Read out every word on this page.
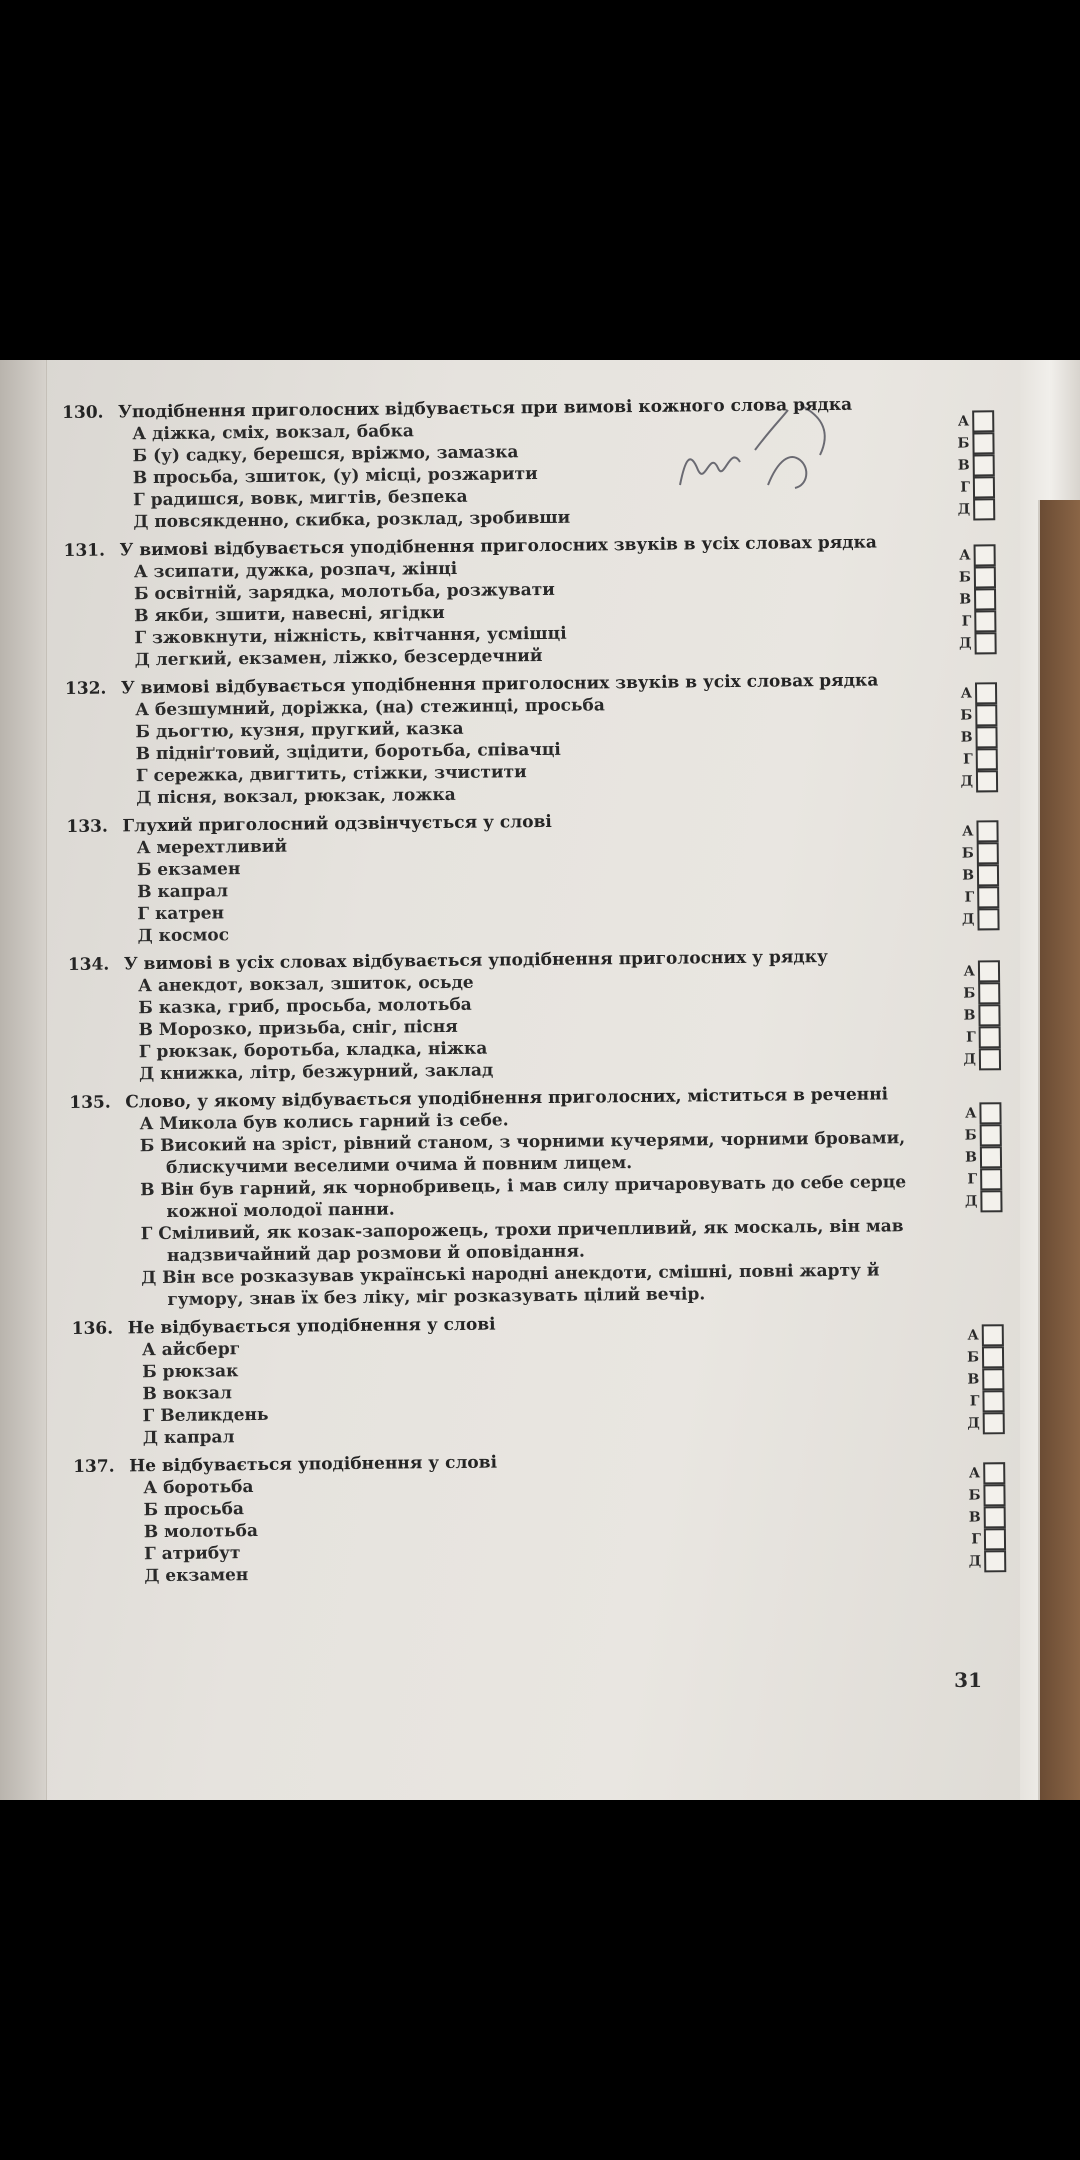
130. Уподібнення приголосних відбувається при вимові кожного слова рядка
А діжка, сміх, вокзал, бабка
Б (у) садку, берешся, вріжмо, замазка
В просьба, зшиток, (у) місці, розжарити
Г радишся, вовк, мигтів, безпека
Д повсякденно, скибка, розклад, зробивши
А
Б
В
Г
Д
131. У вимові відбувається уподібнення приголосних звуків в усіх словах рядка
А зсипати, дужка, розпач, жінці
Б освітній, зарядка, молотьба, розжувати
В якби, зшити, навесні, ягідки
Г зжовкнути, ніжність, квітчання, усмішці
Д легкий, екзамен, ліжко, безсердечний
А
Б
В
Г
Д
132. У вимові відбувається уподібнення приголосних звуків в усіх словах рядка
А безшумний, доріжка, (на) стежинці, просьба
Б дьогтю, кузня, пругкий, казка
В підніґтовий, зцідити, боротьба, співачці
Г сережка, двигтить, стіжки, зчистити
Д пісня, вокзал, рюкзак, ложка
А
Б
В
Г
Д
133. Глухий приголосний одзвінчується у слові
А мерехтливий
Б екзамен
В капрал
Г катрен
Д космос
А
Б
В
Г
Д
134. У вимові в усіх словах відбувається уподібнення приголосних у рядку
А анекдот, вокзал, зшиток, осьде
Б казка, гриб, просьба, молотьба
В Морозко, призьба, сніг, пісня
Г рюкзак, боротьба, кладка, ніжка
Д книжка, літр, безжурний, заклад
А
Б
В
Г
Д
135. Слово, у якому відбувається уподібнення приголосних, міститься в реченні
А Микола був колись гарний із себе.
Б Високий на зріст, рівний станом, з чорними кучерями, чорними бровами, блискучими веселими очима й повним лицем.
В Він був гарний, як чорнобривець, і мав силу причаровувать до себе серце кожної молодої панни.
Г Сміливий, як козак-запорожець, трохи причепливий, як москаль, він мав надзвичайний дар розмови й оповідання.
Д Він все розказував українські народні анекдоти, смішні, повні жарту й гумору, знав їх без ліку, міг розказувать цілий вечір.
А
Б
В
Г
Д
136. Не відбувається уподібнення у слові
А айсберг
Б рюкзак
В вокзал
Г Великдень
Д капрал
А
Б
В
Г
Д
137. Не відбувається уподібнення у слові
А боротьба
Б просьба
В молотьба
Г атрибут
Д екзамен
А
Б
В
Г
Д
31
